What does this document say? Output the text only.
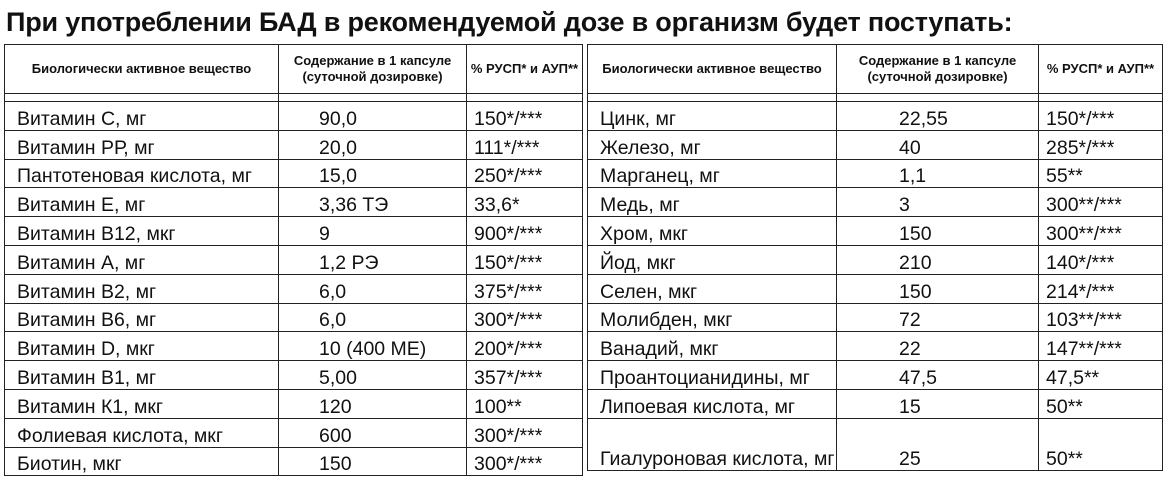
При употреблении БАД в рекомендуемой дозе в организм будет поступать:
Биологически активное вещество	Содержание в 1 капсуле (суточной дозировке)	% РУСП* и АУП**

Витамин С, мг	90,0	150*/***
Витамин РР, мг	20,0	111*/***
Пантотеновая кислота, мг	15,0	250*/***
Витамин Е, мг	3,36 ТЭ	33,6*
Витамин В12, мкг	9	900*/***
Витамин А, мг	1,2 РЭ	150*/***
Витамин В2, мг	6,0	375*/***
Витамин В6, мг	6,0	300*/***
Витамин D, мкг	10 (400 МЕ)	200*/***
Витамин В1, мг	5,00	357*/***
Витамин К1, мкг	120	100**
Фолиевая кислота, мкг	600	300*/***
Биотин, мкг	150	300*/***
Биологически активное вещество	Содержание в 1 капсуле (суточной дозировке)	% РУСП* и АУП**

Цинк, мг	22,55	150*/***
Железо, мг	40	285*/***
Марганец, мг	1,1	55**
Медь, мг	3	300**/***
Хром, мкг	150	300**/***
Йод, мкг	210	140*/***
Селен, мкг	150	214*/***
Молибден, мкг	72	103**/***
Ванадий, мкг	22	147**/***
Проантоцианидины, мг	47,5	47,5**
Липоевая кислота, мг	15	50**
Гиалуроновая кислота, мг	25	50**
